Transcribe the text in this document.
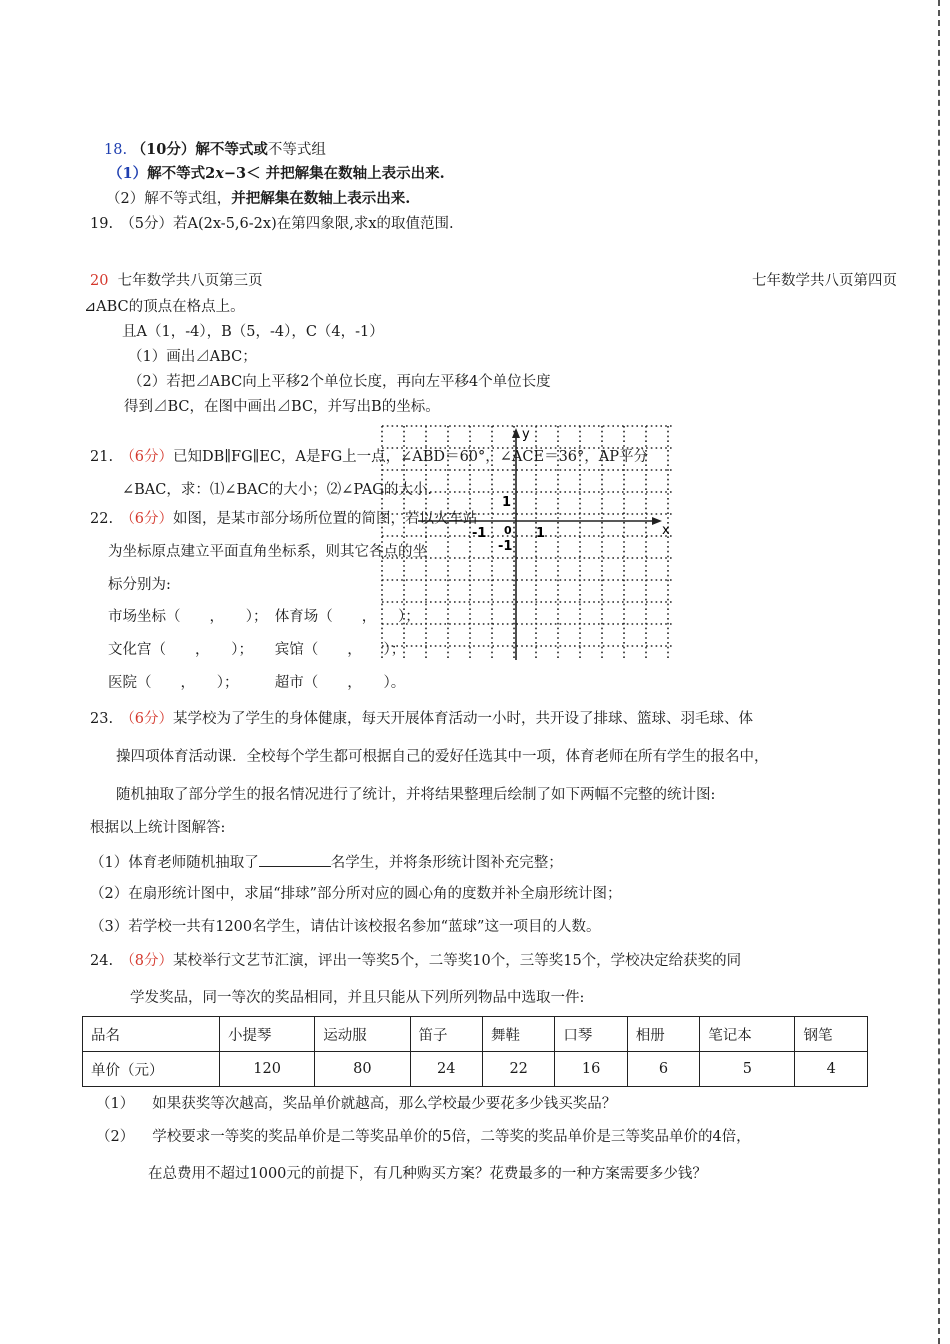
18. （10分）解不等式或不等式组
（1）解不等式2x−3＜ 并把解集在数轴上表示出来.
（2）解不等式组，并把解集在数轴上表示出来.
19.　（5分）若A(2x-5,6-2x)在第四象限,求x的取值范围.
20 七年数学共八页第三页	七年数学共八页第四页
⊿ABC的顶点在格点上。
且A（1，-4），B（5，-4），C（4，-1）
（1）画出⊿ABC；
（2）若把⊿ABC向上平移2个单位长度，再向左平移4个单位长度
得到⊿BC，在图中画出⊿BC，并写出B的坐标。
y
x
0 1
-1
1
-1
21.　（6分）已知DB∥FG∥EC，A是FG上一点，∠ABD＝60°，∠ACE＝36°，AP平分
∠BAC，求：⑴∠BAC的大小；⑵∠PAG的大小.
22.　（6分）如图，是某市部分场所位置的简图，若以火车站
为坐标原点建立平面直角坐标系，则其它各点的坐
标分别为:
市场坐标（　　，　　）；　体育场（　　，　　）；
文化宫（　　，　　）；　　宾馆（　　，　　）；
医院（　　，　　）；　　　超市（　　，　　）。
23.　（6分）某学校为了学生的身体健康，每天开展体育活动一小时，共开设了排球、篮球、羽毛球、体
操四项体育活动课．全校每个学生都可根据自己的爱好任选其中一项，体育老师在所有学生的报名中，
随机抽取了部分学生的报名情况进行了统计，并将结果整理后绘制了如下两幅不完整的统计图:
根据以上统计图解答:
（1）体育老师随机抽取了	名学生，并将条形统计图补充完整；
（2）在扇形统计图中，求届“排球”部分所对应的圆心角的度数并补全扇形统计图；
（3）若学校一共有1200名学生，请估计该校报名参加“蓝球”这一项目的人数。
24.　（8分）某校举行文艺节汇演，评出一等奖5个，二等奖10个，三等奖15个，学校决定给获奖的同
学发奖品，同一等次的奖品相同，并且只能从下列所列物品中选取一件:
品名	小提琴	运动服	笛子	舞鞋	口琴	相册	笔记本	钢笔
单价（元）	120	80	24	22	16	6	5	4
（1） 如果获奖等次越高，奖品单价就越高，那么学校最少要花多少钱买奖品？
（2） 学校要求一等奖的奖品单价是二等奖品单价的5倍，二等奖的奖品单价是三等奖品单价的4倍，
在总费用不超过1000元的前提下，有几种购买方案？花费最多的一种方案需要多少钱？
